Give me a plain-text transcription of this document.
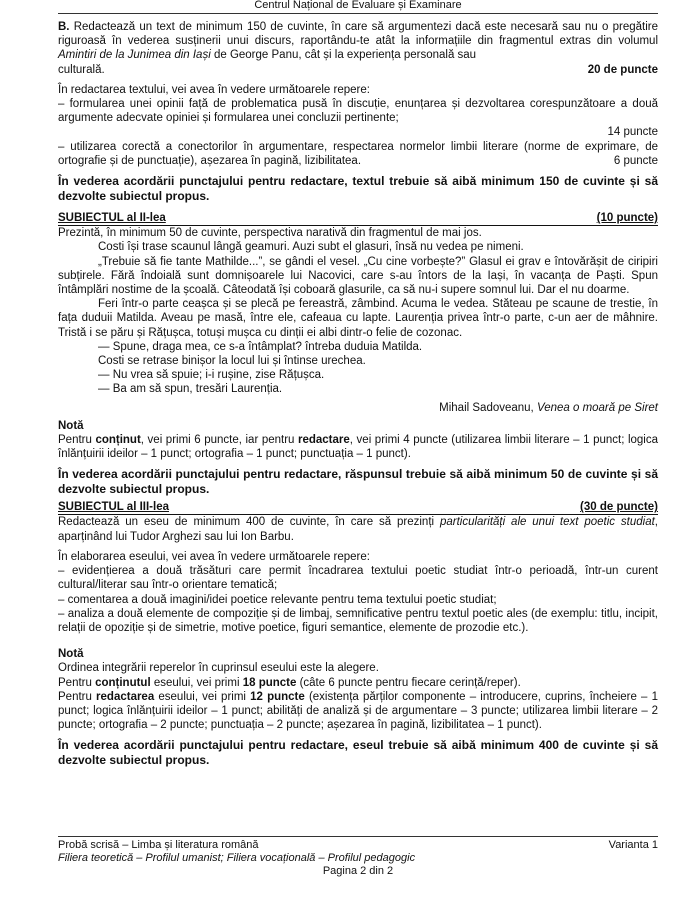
Centrul Național de Evaluare și Examinare

B. Redactează un text de minimum 150 de cuvinte, în care să argumentezi dacă este necesară sau nu o pregătire riguroasă în vederea susținerii unui discurs, raportându-te atât la informațiile din fragmentul extras din volumul Amintiri de la Junimea din Iași de George Panu, cât și la experiența personală sau

culturală.	20 de puncte

În redactarea textului, vei avea în vedere următoarele repere:

– formularea unei opinii față de problematica pusă în discuție, enunțarea și dezvoltarea corespunzătoare a două argumente adecvate opiniei și formularea unei concluzii pertinente;

14 puncte

– utilizarea corectă a conectorilor în argumentare, respectarea normelor limbii literare (norme de exprimare, de ortografie și de punctuație), așezarea în pagină, lizibilitatea.	6 puncte

În vederea acordării punctajului pentru redactare, textul trebuie să aibă minimum 150 de cuvinte și să dezvolte subiectul propus.

SUBIECTUL al II-lea	(10 puncte)

Prezintă, în minimum 50 de cuvinte, perspectiva narativă din fragmentul de mai jos.

Costi își trase scaunul lângă geamuri. Auzi subt el glasuri, însă nu vedea pe nimeni.

„Trebuie să fie tante Mathilde...”, se gândi el vesel. „Cu cine vorbește?” Glasul ei grav e întovărășit de ciripiri subțirele. Fără îndoială sunt domnișoarele lui Nacovici, care s-au întors de la Iași, în vacanța de Paști. Spun întâmplări nostime de la școală. Câteodată își coboară glasurile, ca să nu-i supere somnul lui. Dar el nu doarme.

Feri într-o parte ceașca și se plecă pe fereastră, zâmbind. Acuma le vedea. Stăteau pe scaune de trestie, în fața duduii Matilda. Aveau pe masă, între ele, cafeaua cu lapte. Laurenția privea într-o parte, c-un aer de mâhnire. Tristă i se păru și Rățușca, totuși mușca cu dinții ei albi dintr-o felie de cozonac.

— Spune, draga mea, ce s-a întâmplat? întreba duduia Matilda.

Costi se retrase binișor la locul lui și întinse urechea.

— Nu vrea să spuie; i-i rușine, zise Rățușca.

— Ba am să spun, tresări Laurenția.

Mihail Sadoveanu, Venea o moară pe Siret
Notă

Pentru conținut, vei primi 6 puncte, iar pentru redactare, vei primi 4 puncte (utilizarea limbii literare – 1 punct; logica înlănțuirii ideilor – 1 punct; ortografia – 1 punct; punctuația – 1 punct).

În vederea acordării punctajului pentru redactare, răspunsul trebuie să aibă minimum 50 de cuvinte și să dezvolte subiectul propus.

SUBIECTUL al III-lea	(30 de puncte)

Redactează un eseu de minimum 400 de cuvinte, în care să prezinți particularități ale unui text poetic studiat, aparținând lui Tudor Arghezi sau lui Ion Barbu.

În elaborarea eseului, vei avea în vedere următoarele repere:

– evidențierea a două trăsături care permit încadrarea textului poetic studiat într-o perioadă, într-un curent cultural/literar sau într-o orientare tematică;

– comentarea a două imagini/idei poetice relevante pentru tema textului poetic studiat;

– analiza a două elemente de compoziție și de limbaj, semnificative pentru textul poetic ales (de exemplu: titlu, incipit, relații de opoziție și de simetrie, motive poetice, figuri semantice, elemente de prozodie etc.).

Notă

Ordinea integrării reperelor în cuprinsul eseului este la alegere.

Pentru conținutul eseului, vei primi 18 puncte (câte 6 puncte pentru fiecare cerință/reper).

Pentru redactarea eseului, vei primi 12 puncte (existența părților componente – introducere, cuprins, încheiere – 1 punct; logica înlănțuirii ideilor – 1 punct; abilități de analiză și de argumentare – 3 puncte; utilizarea limbii literare – 2 puncte; ortografia – 2 puncte; punctuația – 2 puncte; așezarea în pagină, lizibilitatea – 1 punct).

În vederea acordării punctajului pentru redactare, eseul trebuie să aibă minimum 400 de cuvinte și să dezvolte subiectul propus.

Probă scrisă – Limba și literatura română	Varianta 1
Filiera teoretică – Profilul umanist; Filiera vocațională – Profilul pedagogic
Pagina 2 din 2
